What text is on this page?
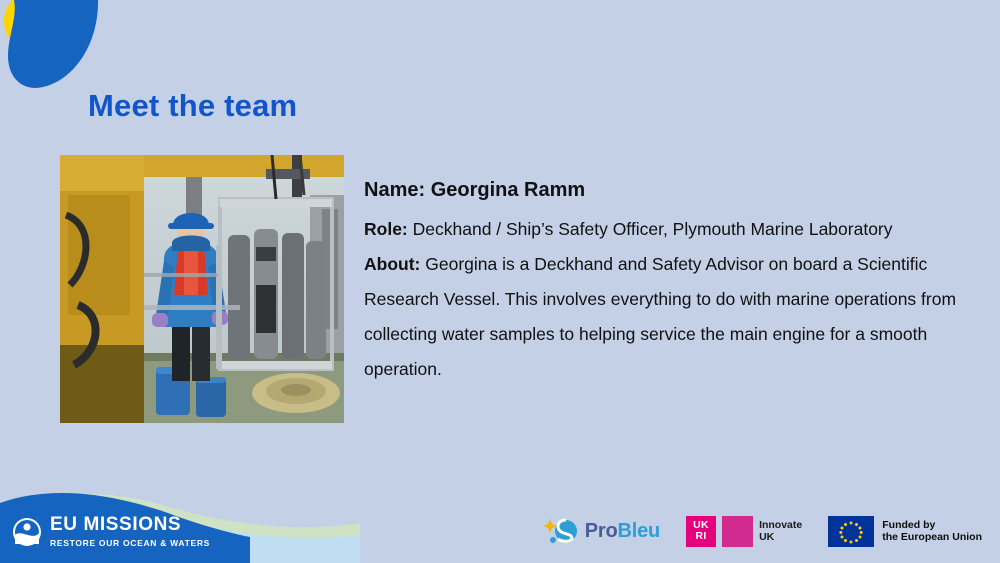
Meet the team

Name: Georgina Ramm

Role: Deckhand / Ship’s Safety Officer, Plymouth Marine Laboratory

About: Georgina is a Deckhand and Safety Advisor on board a Scientific Research Vessel. This involves everything to do with marine operations from collecting water samples to helping service the main engine for a smooth operation.

EU MISSIONS
RESTORE OUR OCEAN & WATERS
ProBleu	UK
RI
Innovate
UK
Funded by
the European Union
